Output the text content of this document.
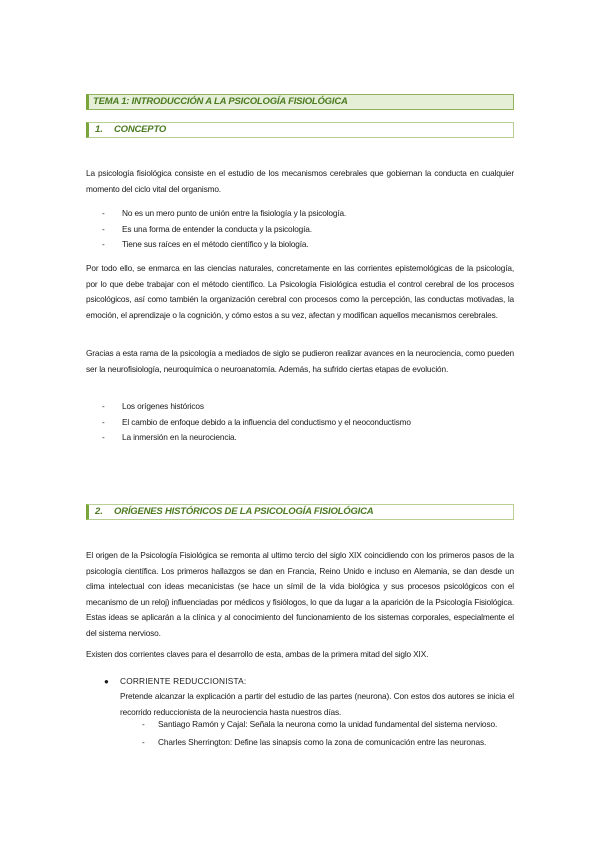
TEMA 1: INTRODUCCIÓN A LA PSICOLOGÍA FISIOLÓGICA
1. CONCEPTO

La psicología fisiológica consiste en el estudio de los mecanismos cerebrales que gobiernan la conducta en cualquier momento del ciclo vital del organismo.

- No es un mero punto de unión entre la fisiología y la psicología.
- Es una forma de entender la conducta y la psicología.
- Tiene sus raíces en el método científico y la biología.

Por todo ello, se enmarca en las ciencias naturales, concretamente en las corrientes epistemológicas de la psicología, por lo que debe trabajar con el método científico. La Psicología Fisiológica estudia el control cerebral de los procesos psicológicos, así como también la organización cerebral con procesos como la percepción, las conductas motivadas, la emoción, el aprendizaje o la cognición, y cómo estos a su vez, afectan y modifican aquellos mecanismos cerebrales.

Gracias a esta rama de la psicología a mediados de siglo se pudieron realizar avances en la neurociencia, como pueden ser la neurofisiología, neuroquímica o neuroanatomía. Además, ha sufrido ciertas etapas de evolución.

- Los orígenes históricos
- El cambio de enfoque debido a la influencia del conductismo y el neoconductismo
- La inmersión en la neurociencia.
2. ORÍGENES HISTÓRICOS DE LA PSICOLOGÍA FISIOLÓGICA

El origen de la Psicología Fisiológica se remonta al ultimo tercio del siglo XIX coincidiendo con los primeros pasos de la psicología científica. Los primeros hallazgos se dan en Francia, Reino Unido e incluso en Alemania, se dan desde un clima intelectual con ideas mecanicistas (se hace un símil de la vida biológica y sus procesos psicológicos con el mecanismo de un reloj) influenciadas por médicos y fisiólogos, lo que da lugar a la aparición de la Psicología Fisiológica. Estas ideas se aplicarán a la clínica y al conocimiento del funcionamiento de los sistemas corporales, especialmente el del sistema nervioso.

Existen dos corrientes claves para el desarrollo de esta, ambas de la primera mitad del siglo XIX.

● CORRIENTE REDUCCIONISTA:

Pretende alcanzar la explicación a partir del estudio de las partes (neurona). Con estos dos autores se inicia el recorrido reduccionista de la neurociencia hasta nuestros días.

- Santiago Ramón y Cajal: Señala la neurona como la unidad fundamental del sistema nervioso.
- Charles Sherrington: Define las sinapsis como la zona de comunicación entre las neuronas.
